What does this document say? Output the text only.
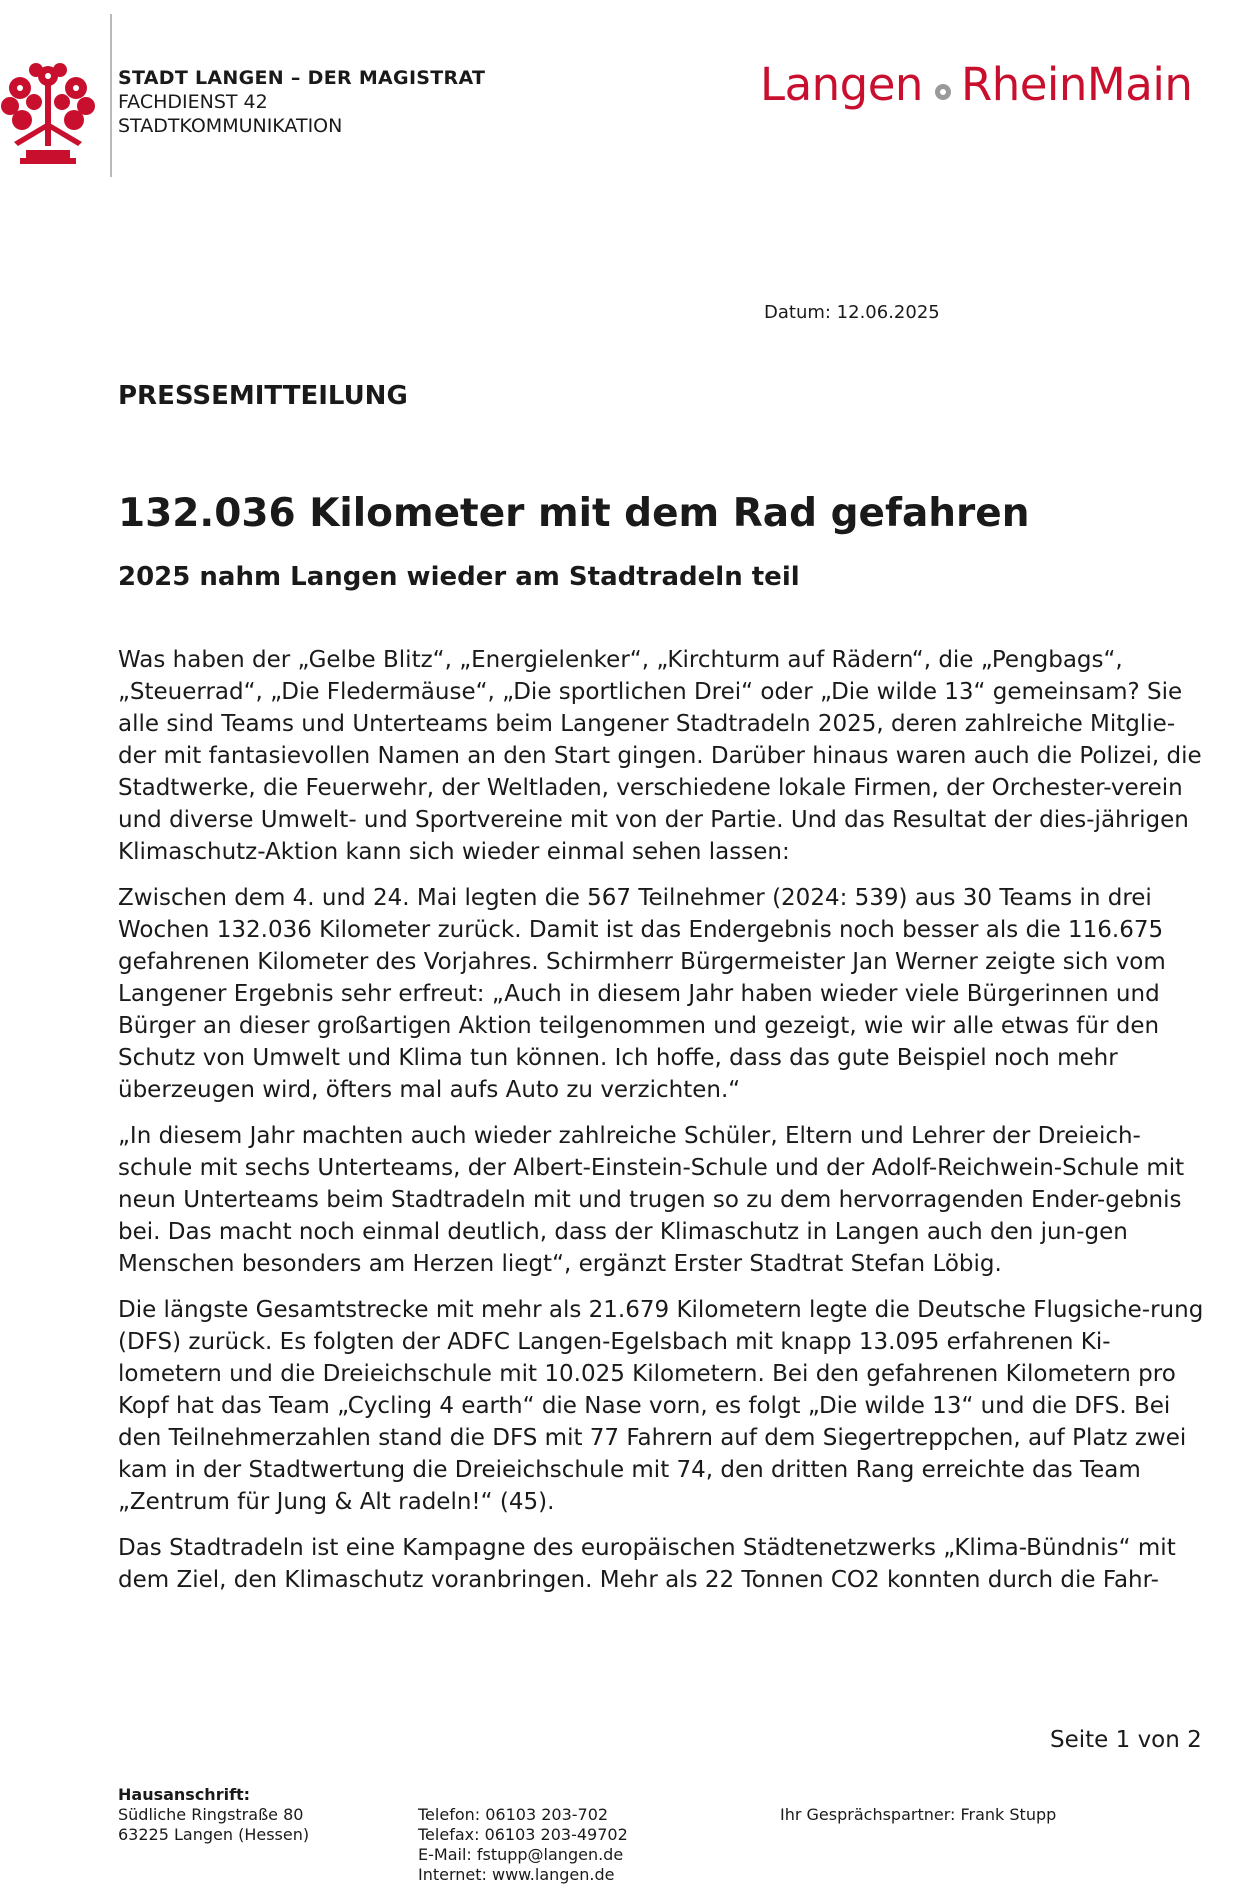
STADT LANGEN – DER MAGISTRAT
FACHDIENST 42
STADTKOMMUNIKATION
Langen RheinMain
Datum: 12.06.2025
PRESSEMITTEILUNG
132.036 Kilometer mit dem Rad gefahren
2025 nahm Langen wieder am Stadtradeln teil

Was haben der „Gelbe Blitz“, „Energielenker“, „Kirchturm auf Rädern“, die „Pengbags“, „Steuerrad“, „Die Fledermäuse“, „Die sportlichen Drei“ oder „Die wilde 13“ gemeinsam? Sie alle sind Teams und Unterteams beim Langener Stadtradeln 2025, deren zahlreiche Mitglie-der mit fantasievollen Namen an den Start gingen. Darüber hinaus waren auch die Polizei, die Stadtwerke, die Feuerwehr, der Weltladen, verschiedene lokale Firmen, der Orchester-verein und diverse Umwelt- und Sportvereine mit von der Partie. Und das Resultat der dies-jährigen Klimaschutz-Aktion kann sich wieder einmal sehen lassen:

Zwischen dem 4. und 24. Mai legten die 567 Teilnehmer (2024: 539) aus 30 Teams in drei Wochen 132.036 Kilometer zurück. Damit ist das Endergebnis noch besser als die 116.675 gefahrenen Kilometer des Vorjahres. Schirmherr Bürgermeister Jan Werner zeigte sich vom Langener Ergebnis sehr erfreut: „Auch in diesem Jahr haben wieder viele Bürgerinnen und Bürger an dieser großartigen Aktion teilgenommen und gezeigt, wie wir alle etwas für den Schutz von Umwelt und Klima tun können. Ich hoffe, dass das gute Beispiel noch mehr überzeugen wird, öfters mal aufs Auto zu verzichten.“

„In diesem Jahr machten auch wieder zahlreiche Schüler, Eltern und Lehrer der Dreieich-schule mit sechs Unterteams, der Albert-Einstein-Schule und der Adolf-Reichwein-Schule mit neun Unterteams beim Stadtradeln mit und trugen so zu dem hervorragenden Ender-gebnis bei. Das macht noch einmal deutlich, dass der Klimaschutz in Langen auch den jun-gen Menschen besonders am Herzen liegt“, ergänzt Erster Stadtrat Stefan Löbig.

Die längste Gesamtstrecke mit mehr als 21.679 Kilometern legte die Deutsche Flugsiche-rung (DFS) zurück. Es folgten der ADFC Langen-Egelsbach mit knapp 13.095 erfahrenen Ki-lometern und die Dreieichschule mit 10.025 Kilometern. Bei den gefahrenen Kilometern pro Kopf hat das Team „Cycling 4 earth“ die Nase vorn, es folgt „Die wilde 13“ und die DFS. Bei den Teilnehmerzahlen stand die DFS mit 77 Fahrern auf dem Siegertreppchen, auf Platz zwei kam in der Stadtwertung die Dreieichschule mit 74, den dritten Rang erreichte das Team „Zentrum für Jung & Alt radeln!“ (45).

Das Stadtradeln ist eine Kampagne des europäischen Städtenetzwerks „Klima-Bündnis“ mit dem Ziel, den Klimaschutz voranbringen. Mehr als 22 Tonnen CO2 konnten durch die Fahr-

Seite 1 von 2
Hausanschrift:
Südliche Ringstraße 80
63225 Langen (Hessen)
Telefon: 06103 203-702
Telefax: 06103 203-49702
E-Mail: fstupp@langen.de
Internet: www.langen.de
Ihr Gesprächspartner: Frank Stupp
